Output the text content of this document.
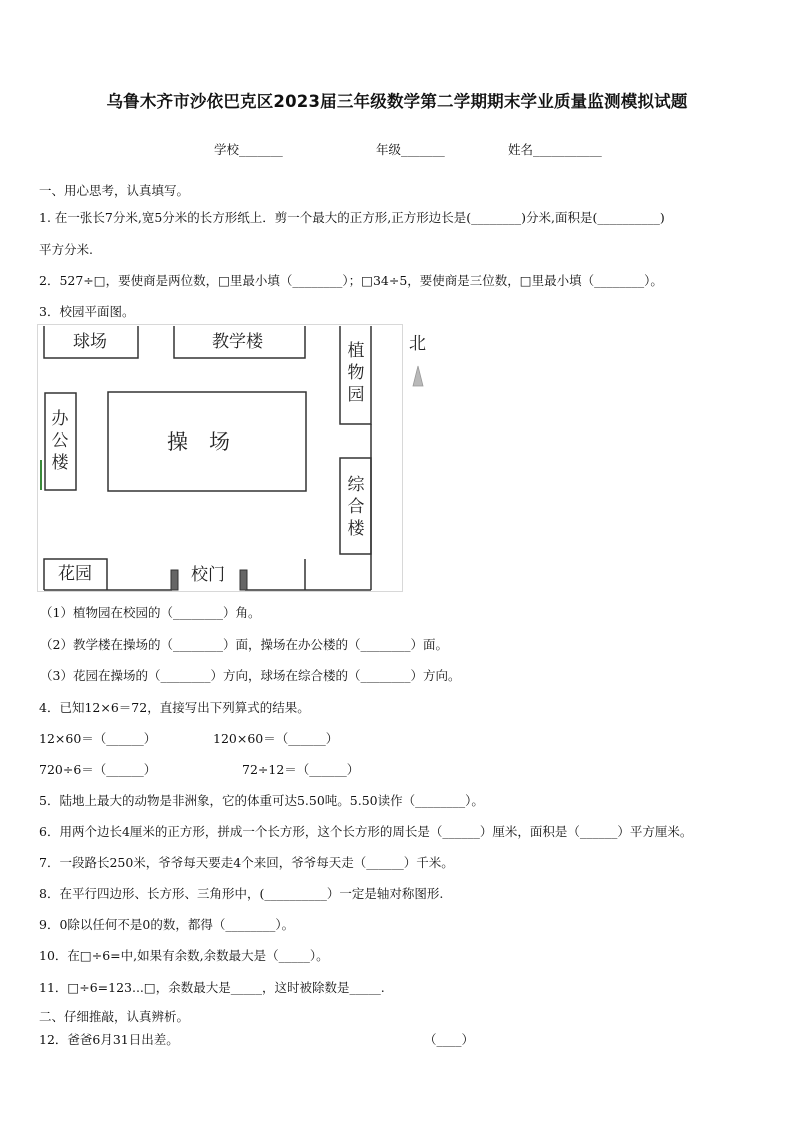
乌鲁木齐市沙依巴克区2023届三年级数学第二学期期末学业质量监测模拟试题
学校_______	年级_______	姓名___________
一、用心思考，认真填写。
1. 在一张长7分米,宽5分米的长方形纸上．剪一个最大的正方形,正方形边长是(________)分米,面积是(__________)
平方分米.
2．527÷□，要使商是两位数，□里最小填（________）；□34÷5，要使商是三位数，□里最小填（________）。
3．校园平面图。
球场	教学楼	植物园
北
办公楼
操　场
综合楼
花园	校门
（1）植物园在校园的（________）角。
（2）教学楼在操场的（________）面，操场在办公楼的（________）面。
（3）花园在操场的（________）方向，球场在综合楼的（________）方向。
4．已知12×6＝72，直接写出下列算式的结果。
12×60＝（______）	120×60＝（______）
720÷6＝（______）	72÷12＝（______）
5．陆地上最大的动物是非洲象，它的体重可达5.50吨。5.50读作（________）。
6．用两个边长4厘米的正方形，拼成一个长方形，这个长方形的周长是（______）厘米，面积是（______）平方厘米。
7．一段路长250米，爷爷每天要走4个来回，爷爷每天走（______）千米。
8．在平行四边形、长方形、三角形中，(__________）一定是轴对称图形.
9．0除以任何不是0的数，都得（________）。
10．在□÷6=中,如果有余数,余数最大是（_____）。
11．□÷6=123...□，余数最大是_____，这时被除数是_____.
二、仔细推敲，认真辨析。
12．爸爸6月31日出差。	（____）
